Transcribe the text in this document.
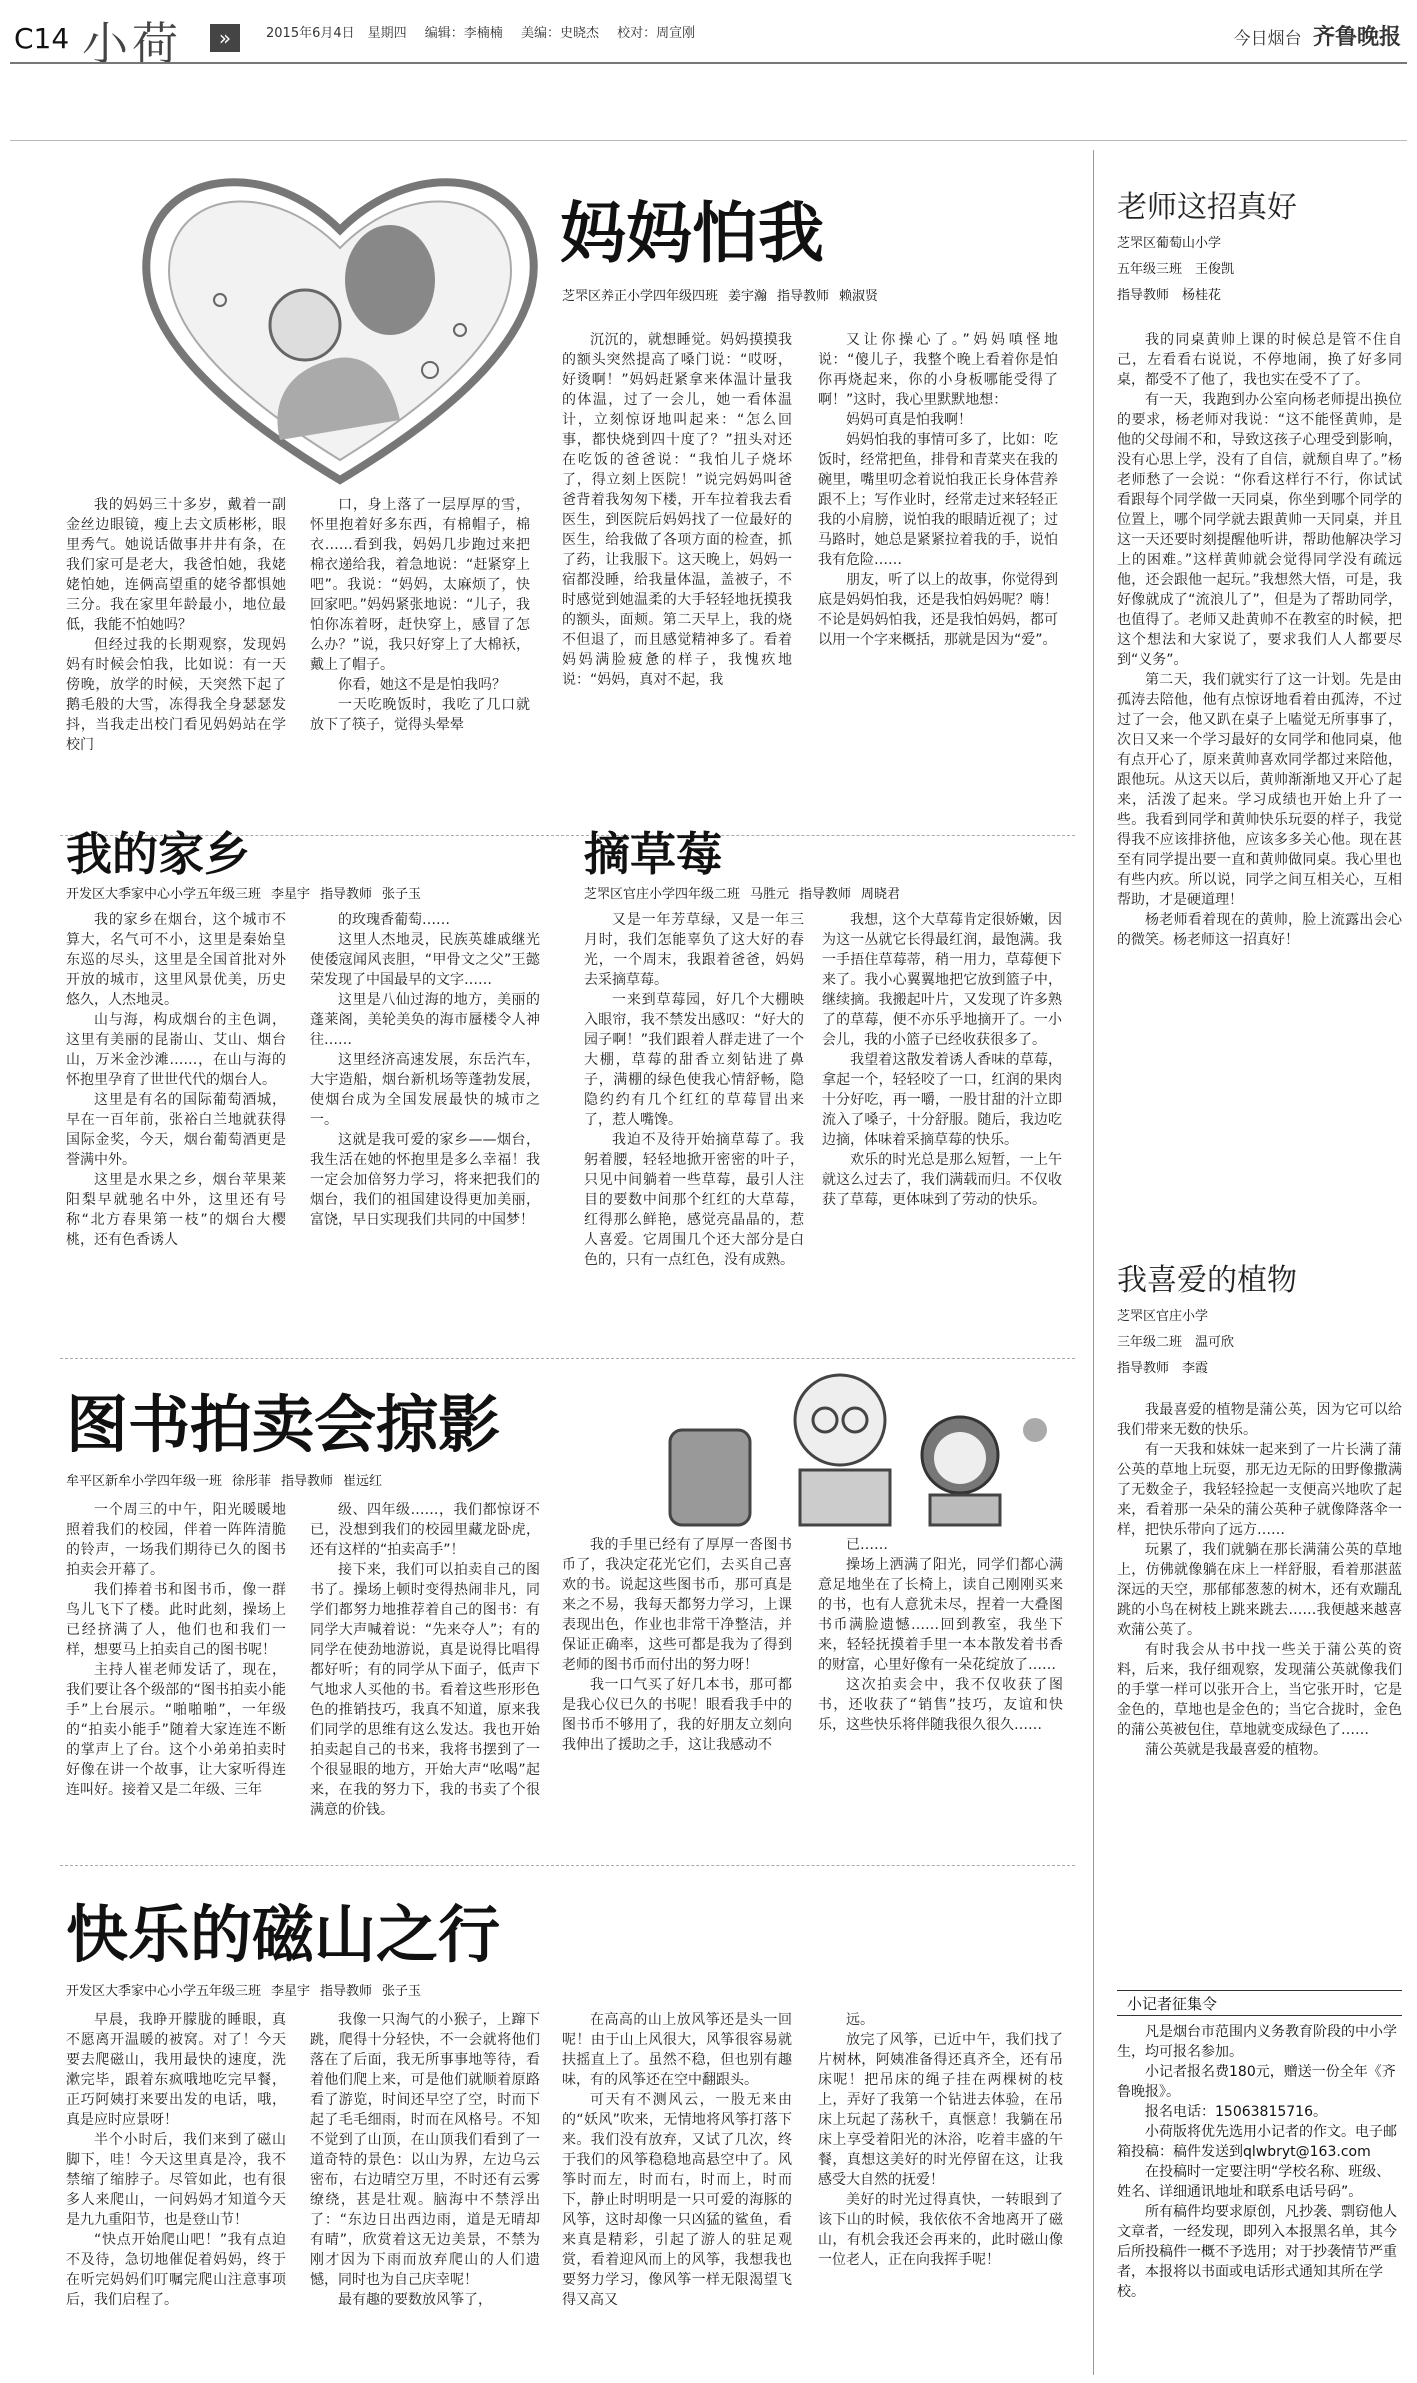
C14 小荷	»	2015年6月4日　星期四 编辑：李楠楠 美编：史晓杰 校对：周宣刚	今日烟台 齐鲁晚报
妈妈怕我
芝罘区养正小学四年级四班 姜宇瀚 指导教师 赖淑贤

我的妈妈三十多岁，戴着一副金丝边眼镜，瘦上去文质彬彬，眼里秀气。她说话做事井井有条，在我们家可是老大，我爸怕她，我姥姥怕她，连俩高望重的姥爷都惧她三分。我在家里年龄最小，地位最低，我能不怕她吗？

但经过我的长期观察，发现妈妈有时候会怕我，比如说：有一天傍晚，放学的时候，天突然下起了鹅毛般的大雪，冻得我全身瑟瑟发抖，当我走出校门看见妈妈站在学校门

口，身上落了一层厚厚的雪，怀里抱着好多东西，有棉帽子，棉衣……看到我，妈妈几步跑过来把棉衣递给我，着急地说：“赶紧穿上吧”。我说：“妈妈，太麻烦了，快回家吧。”妈妈紧张地说：“儿子，我怕你冻着呀，赶快穿上，感冒了怎么办？”说，我只好穿上了大棉袄，戴上了帽子。

你看，她这不是是怕我吗？

一天吃晚饭时，我吃了几口就放下了筷子，觉得头晕晕

沉沉的，就想睡觉。妈妈摸摸我的额头突然提高了嗓门说：“哎呀，好烫啊！”妈妈赶紧拿来体温计量我的体温，过了一会儿，她一看体温计，立刻惊讶地叫起来：“怎么回事，都快烧到四十度了？”扭头对还在吃饭的爸爸说：“我怕儿子烧坏了，得立刻上医院！”说完妈妈叫爸爸背着我匆匆下楼，开车拉着我去看医生，到医院后妈妈找了一位最好的医生，给我做了各项方面的检查，抓了药，让我服下。这天晚上，妈妈一宿都没睡，给我量体温，盖被子，不时感觉到她温柔的大手轻轻地抚摸我的额头，面颊。第二天早上，我的烧不但退了，而且感觉精神多了。看着妈妈满脸疲惫的样子，我愧疚地说：“妈妈，真对不起，我

又让你操心了。”妈妈嗔怪地说：“傻儿子，我整个晚上看着你是怕你再烧起来，你的小身板哪能受得了啊！”这时，我心里默默地想：

妈妈可真是怕我啊！

妈妈怕我的事情可多了，比如：吃饭时，经常把鱼，排骨和青菜夹在我的碗里，嘴里叨念着说怕我正长身体营养跟不上；写作业时，经常走过来轻轻正我的小肩膀，说怕我的眼睛近视了；过马路时，她总是紧紧拉着我的手，说怕我有危险……

朋友，听了以上的故事，你觉得到底是妈妈怕我，还是我怕妈妈呢？嗨！不论是妈妈怕我，还是我怕妈妈，都可以用一个字来概括，那就是因为“爱”。

我的家乡
开发区大季家中心小学五年级三班 李星宇 指导教师 张子玉

我的家乡在烟台，这个城市不算大，名气可不小，这里是秦始皇东巡的尽头，这里是全国首批对外开放的城市，这里风景优美，历史悠久，人杰地灵。

山与海，构成烟台的主色调，这里有美丽的昆嵛山、艾山、烟台山，万米金沙滩……，在山与海的怀抱里孕育了世世代代的烟台人。

这里是有名的国际葡萄酒城，早在一百年前，张裕白兰地就获得国际金奖，今天，烟台葡萄酒更是誉满中外。

这里是水果之乡，烟台苹果莱阳梨早就驰名中外，这里还有号称“北方春果第一枝”的烟台大樱桃，还有色香诱人

的玫瑰香葡萄……

这里人杰地灵，民族英雄戚继光使倭寇闻风丧胆，“甲骨文之父”王懿荣发现了中国最早的文字……

这里是八仙过海的地方，美丽的蓬莱阁，美轮美奂的海市蜃楼令人神往……

这里经济高速发展，东岳汽车，大宇造船，烟台新机场等蓬勃发展，使烟台成为全国发展最快的城市之一。

这就是我可爱的家乡——烟台，我生活在她的怀抱里是多么幸福！我一定会加倍努力学习，将来把我们的烟台，我们的祖国建设得更加美丽，富饶，早日实现我们共同的中国梦！

摘草莓
芝罘区官庄小学四年级二班 马胜元 指导教师 周晓君

又是一年芳草绿，又是一年三月时，我们怎能辜负了这大好的春光，一个周末，我跟着爸爸，妈妈去采摘草莓。

一来到草莓园，好几个大棚映入眼帘，我不禁发出感叹：“好大的园子啊！”我们跟着人群走进了一个大棚，草莓的甜香立刻钻进了鼻子，满棚的绿色使我心情舒畅，隐隐约约有几个红红的草莓冒出来了，惹人嘴馋。

我迫不及待开始摘草莓了。我躬着腰，轻轻地掀开密密的叶子，只见中间躺着一些草莓，最引人注目的要数中间那个红红的大草莓，红得那么鲜艳，感觉亮晶晶的，惹人喜爱。它周围几个还大部分是白色的，只有一点红色，没有成熟。

我想，这个大草莓肯定很娇嫩，因为这一丛就它长得最红润，最饱满。我一手捂住草莓蒂，稍一用力，草莓便下来了。我小心翼翼地把它放到篮子中，继续摘。我搬起叶片，又发现了许多熟了的草莓，便不亦乐乎地摘开了。一小会儿，我的小篮子已经收获很多了。

我望着这散发着诱人香味的草莓，拿起一个，轻轻咬了一口，红润的果肉十分好吃，再一嚼，一股甘甜的汁立即流入了嗓子，十分舒服。随后，我边吃边摘，体味着采摘草莓的快乐。

欢乐的时光总是那么短暂，一上午就这么过去了，我们满载而归。不仅收获了草莓，更体味到了劳动的快乐。

图书拍卖会掠影
牟平区新牟小学四年级一班 徐彤菲 指导教师 崔远红

一个周三的中午，阳光暖暖地照着我们的校园，伴着一阵阵清脆的铃声，一场我们期待已久的图书拍卖会开幕了。

我们捧着书和图书币，像一群鸟儿飞下了楼。此时此刻，操场上已经挤满了人，他们也和我们一样，想要马上拍卖自己的图书呢！

主持人崔老师发话了，现在，我们要让各个级部的“图书拍卖小能手”上台展示。“啪啪啪”，一年级的“拍卖小能手”随着大家连连不断的掌声上了台。这个小弟弟拍卖时好像在讲一个故事，让大家听得连连叫好。接着又是二年级、三年

级、四年级……，我们都惊讶不已，没想到我们的校园里藏龙卧虎，还有这样的“拍卖高手”！

接下来，我们可以拍卖自己的图书了。操场上顿时变得热闹非凡，同学们都努力地推荐着自己的图书：有同学大声喊着说：“先来夺人”；有的同学在使劲地游说，真是说得比唱得都好听；有的同学从下面子，低声下气地求人买他的书。看着这些形形色色的推销技巧，我真不知道，原来我们同学的思维有这么发达。我也开始拍卖起自己的书来，我将书摆到了一个很显眼的地方，开始大声“吆喝”起来，在我的努力下，我的书卖了个很满意的价钱。

我的手里已经有了厚厚一沓图书币了，我决定花光它们，去买自己喜欢的书。说起这些图书币，那可真是来之不易，我每天都努力学习，上课表现出色，作业也非常干净整洁，并保证正确率，这些可都是我为了得到老师的图书币而付出的努力呀！

我一口气买了好几本书，那可都是我心仪已久的书呢！眼看我手中的图书币不够用了，我的好朋友立刻向我伸出了援助之手，这让我感动不

已……

操场上洒满了阳光，同学们都心满意足地坐在了长椅上，读自己刚刚买来的书，也有人意犹未尽，捏着一大叠图书币满脸遗憾……回到教室，我坐下来，轻轻抚摸着手里一本本散发着书香的财富，心里好像有一朵花绽放了……

这次拍卖会中，我不仅收获了图书，还收获了“销售”技巧，友谊和快乐，这些快乐将伴随我很久很久……

快乐的磁山之行
开发区大季家中心小学五年级三班 李星宇 指导教师 张子玉

早晨，我睁开朦胧的睡眼，真不愿离开温暖的被窝。对了！今天要去爬磁山，我用最快的速度，洗漱完毕，跟着东疯哦地吃完早餐，正巧阿姨打来要出发的电话，哦，真是应时应景呀！

半个小时后，我们来到了磁山脚下，哇！今天这里真是冷，我不禁缩了缩脖子。尽管如此，也有很多人来爬山，一问妈妈才知道今天是九九重阳节，也是登山节！

“快点开始爬山吧！”我有点迫不及待，急切地催促着妈妈，终于在听完妈妈们叮嘱完爬山注意事项后，我们启程了。

我像一只淘气的小猴子，上蹿下跳，爬得十分轻快，不一会就将他们落在了后面，我无所事事地等待，看着他们爬上来，可是他们就顺着原路看了游览，时间还早空了空，时而下起了毛毛细雨，时而在风格号。不知不觉到了山顶，在山顶我们看到了一道奇特的景色：以山为界，左边乌云密布，右边晴空万里，不时还有云雾缭绕，甚是壮观。脑海中不禁浮出了：“东边日出西边雨，道是无晴却有晴”，欣赏着这无边美景，不禁为刚才因为下雨而放弃爬山的人们遗憾，同时也为自己庆幸呢！

最有趣的要数放风筝了，

在高高的山上放风筝还是头一回呢！由于山上风很大，风筝很容易就扶摇直上了。虽然不稳，但也别有趣味，有的风筝还在空中翻跟头。

可天有不测风云，一股无来由的“妖风”吹来，无情地将风筝打落下来。我们没有放弃，又试了几次，终于我们的风筝稳稳地高悬空中了。风筝时而左，时而右，时而上，时而下，静止时明明是一只可爱的海豚的风筝，这时却像一只凶猛的鲨鱼，看来真是精彩，引起了游人的驻足观赏，看着迎风而上的风筝，我想我也要努力学习，像风筝一样无限渴望飞得又高又

远。

放完了风筝，已近中午，我们找了片树林，阿姨准备得还真齐全，还有吊床呢！把吊床的绳子挂在两棵树的枝上，弄好了我第一个钻进去体验，在吊床上玩起了荡秋千，真惬意！我躺在吊床上享受着阳光的沐浴，吃着丰盛的午餐，真想这美好的时光停留在这，让我感受大自然的抚爱！

美好的时光过得真快，一转眼到了该下山的时候，我依依不舍地离开了磁山，有机会我还会再来的，此时磁山像一位老人，正在向我挥手呢！

老师这招真好
芝罘区葡萄山小学
五年级三班　王俊凯
指导教师　杨桂花

我的同桌黄帅上课的时候总是管不住自己，左看看右说说，不停地闹，换了好多同桌，都受不了他了，我也实在受不了了。

有一天，我跑到办公室向杨老师提出换位的要求，杨老师对我说：“这不能怪黄帅，是他的父母闹不和，导致这孩子心理受到影响，没有心思上学，没有了自信，就颓自卑了。”杨老师愁了一会说：“你看这样行不行，你试试看跟每个同学做一天同桌，你坐到哪个同学的位置上，哪个同学就去跟黄帅一天同桌，并且这一天还要时刻提醒他听讲，帮助他解决学习上的困难。”这样黄帅就会觉得同学没有疏远他，还会跟他一起玩。”我想然大悟，可是，我好像就成了“流浪儿了”，但是为了帮助同学，也值得了。老师又赴黄帅不在教室的时候，把这个想法和大家说了，要求我们人人都要尽到“义务”。

第二天，我们就实行了这一计划。先是由孤涛去陪他，他有点惊讶地看着由孤涛，不过过了一会，他又趴在桌子上嗑觉无所事事了，次日又来一个学习最好的女同学和他同桌，他有点开心了，原来黄帅喜欢同学都过来陪他，跟他玩。从这天以后，黄帅渐渐地又开心了起来，活泼了起来。学习成绩也开始上升了一些。我看到同学和黄帅快乐玩耍的样子，我觉得我不应该排挤他，应该多多关心他。现在甚至有同学提出要一直和黄帅做同桌。我心里也有些内疚。所以说，同学之间互相关心，互相帮助，才是硬道理！

杨老师看着现在的黄帅，脸上流露出会心的微笑。杨老师这一招真好！

我喜爱的植物
芝罘区官庄小学
三年级二班　温可欣
指导教师　李霞

我最喜爱的植物是蒲公英，因为它可以给我们带来无数的快乐。

有一天我和妹妹一起来到了一片长满了蒲公英的草地上玩耍，那无边无际的田野像撒满了无数金子，我轻轻捡起一支便高兴地吹了起来，看着那一朵朵的蒲公英种子就像降落伞一样，把快乐带向了远方……

玩累了，我们就躺在那长满蒲公英的草地上，仿佛就像躺在床上一样舒服，看着那湛蓝深远的天空，那郁郁葱葱的树木，还有欢蹦乱跳的小鸟在树枝上跳来跳去……我便越来越喜欢蒲公英了。

有时我会从书中找一些关于蒲公英的资料，后来，我仔细观察，发现蒲公英就像我们的手掌一样可以张开合上，当它张开时，它是金色的，草地也是金色的；当它合拢时，金色的蒲公英被包住，草地就变成绿色了……

蒲公英就是我最喜爱的植物。

小记者征集令

凡是烟台市范围内义务教育阶段的中小学生，均可报名参加。

小记者报名费180元，赠送一份全年《齐鲁晚报》。

报名电话：15063815716。

小荷版将优先选用小记者的作文。电子邮箱投稿：稿件发送到qlwbryt@163.com

在投稿时一定要注明“学校名称、班级、姓名、详细通讯地址和联系电话号码”。

所有稿件均要求原创，凡抄袭、剽窃他人文章者，一经发现，即列入本报黑名单，其今后所投稿件一概不予选用；对于抄袭情节严重者，本报将以书面或电话形式通知其所在学校。
